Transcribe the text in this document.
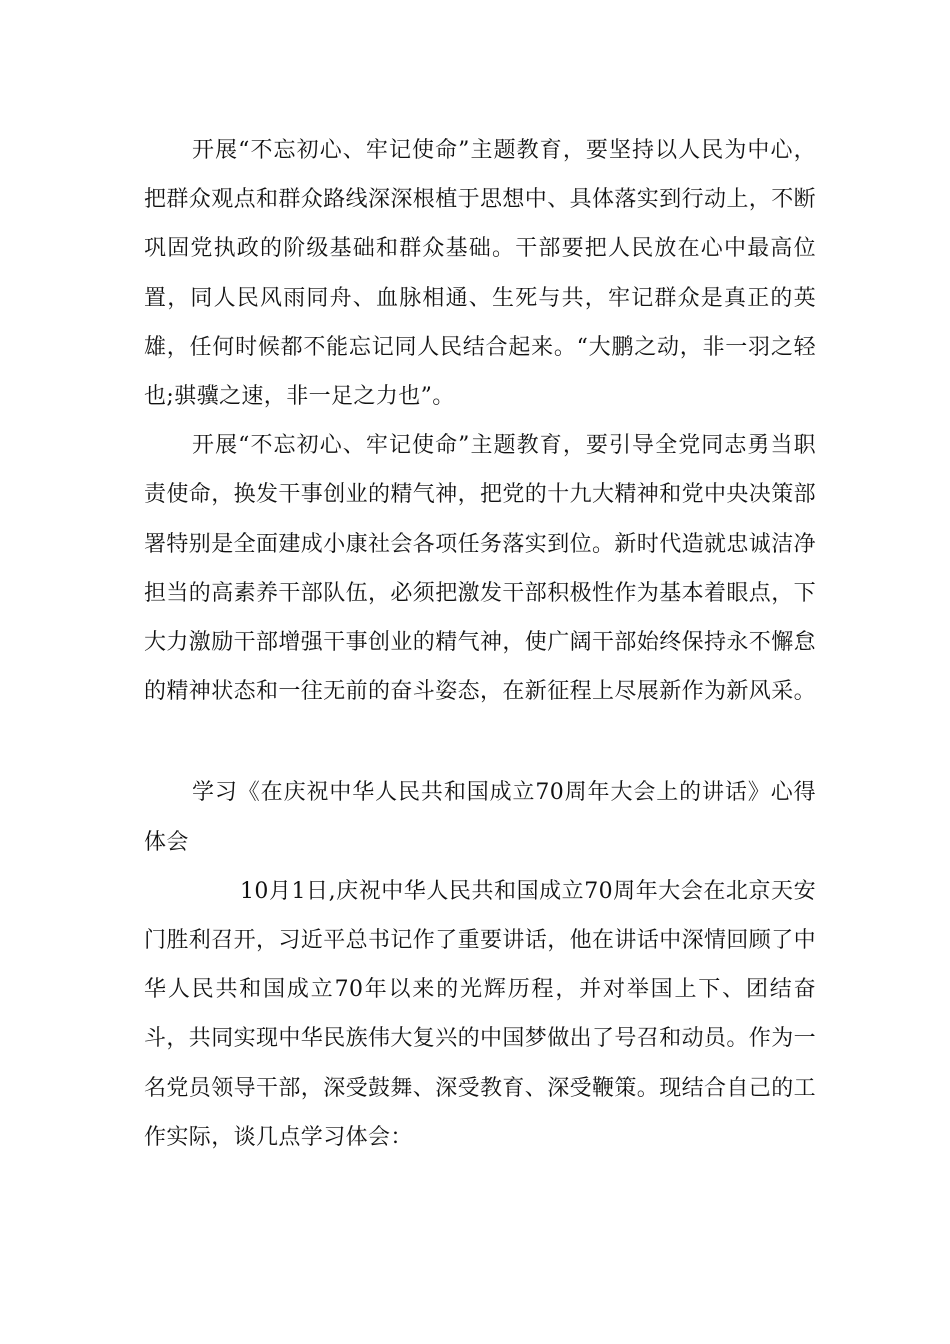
开展“不忘初心、牢记使命”主题教育，要坚持以人民为中心，把群众观点和群众路线深深根植于思想中、具体落实到行动上，不断巩固党执政的阶级基础和群众基础。干部要把人民放在心中最高位置，同人民风雨同舟、血脉相通、生死与共，牢记群众是真正的英雄，任何时候都不能忘记同人民结合起来。“大鹏之动，非一羽之轻也;骐骥之速，非一足之力也”。

开展“不忘初心、牢记使命”主题教育，要引导全党同志勇当职责使命，换发干事创业的精气神，把党的十九大精神和党中央决策部署特别是全面建成小康社会各项任务落实到位。新时代造就忠诚洁净担当的高素养干部队伍，必须把激发干部积极性作为基本着眼点，下大力激励干部增强干事创业的精气神，使广阔干部始终保持永不懈怠的精神状态和一往无前的奋斗姿态，在新征程上尽展新作为新风采。

学习《在庆祝中华人民共和国成立70周年大会上的讲话》心得体会

10月1日,庆祝中华人民共和国成立70周年大会在北京天安门胜利召开，习近平总书记作了重要讲话，他在讲话中深情回顾了中华人民共和国成立70年以来的光辉历程，并对举国上下、团结奋斗，共同实现中华民族伟大复兴的中国梦做出了号召和动员。作为一名党员领导干部，深受鼓舞、深受教育、深受鞭策。现结合自己的工作实际，谈几点学习体会：
